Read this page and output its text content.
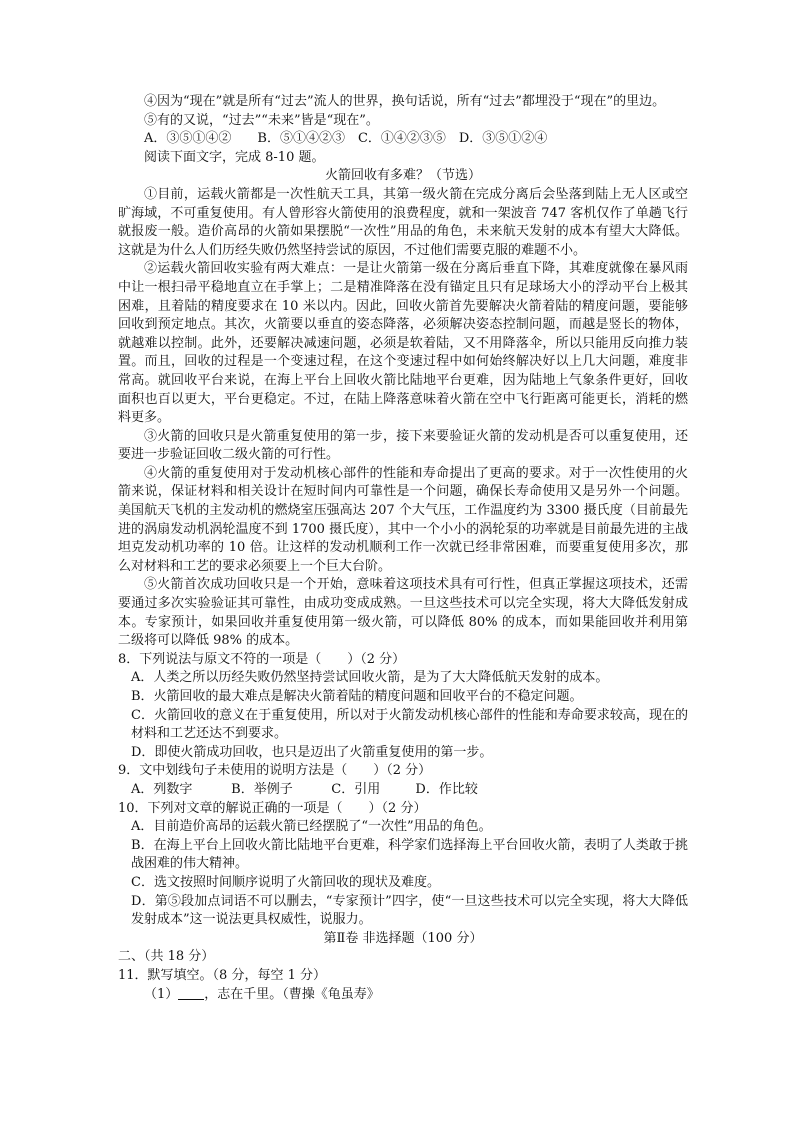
④因为“现在”就是所有“过去”流人的世界，换句话说，所有“过去”都埋没于“现在”的里边。

⑤有的又说，“过去”“未来”皆是“现在”。

A．③⑤①④②　　B．⑤①④②③　C．①④②③⑤　D．③⑤①②④

阅读下面文字，完成 8-10 题。

火箭回收有多难？（节选）

①目前，运载火箭都是一次性航天工具，其第一级火箭在完成分离后会坠落到陆上无人区或空旷海域，不可重复使用。有人曾形容火箭使用的浪费程度，就和一架波音 747 客机仅作了单趟飞行就报废一般。造价高昂的火箭如果摆脱“一次性”用品的角色，未来航天发射的成本有望大大降低。这就是为什么人们历经失败仍然坚持尝试的原因，不过他们需要克服的难题不小。

②运载火箭回收实验有两大难点：一是让火箭第一级在分离后垂直下降，其难度就像在暴风雨中让一根扫帚平稳地直立在手掌上；二是精准降落在没有锚定且只有足球场大小的浮动平台上极其困难，且着陆的精度要求在 10 米以内。因此，回收火箭首先要解决火箭着陆的精度问题，要能够回收到预定地点。其次，火箭要以垂直的姿态降落，必须解决姿态控制问题，而越是竖长的物体，就越难以控制。此外，还要解决减速问题，必须是软着陆，又不用降落伞，所以只能用反向推力装置。而且，回收的过程是一个变速过程，在这个变速过程中如何始终解决好以上几大问题，难度非常高。就回收平台来说，在海上平台上回收火箭比陆地平台更难，因为陆地上气象条件更好，回收面积也百以更大，平台更稳定。不过，在陆上降落意味着火箭在空中飞行距离可能更长，消耗的燃料更多。

③火箭的回收只是火箭重复使用的第一步，接下来要验证火箭的发动机是否可以重复使用，还要进一步验证回收二级火箭的可行性。

④火箭的重复使用对于发动机核心部件的性能和寿命提出了更高的要求。对于一次性使用的火箭来说，保证材料和相关设计在短时间内可靠性是一个问题，确保长寿命使用又是另外一个问题。美国航天飞机的主发动机的燃烧室压强高达 207 个大气压，工作温度约为 3300 摄氏度（目前最先进的涡扇发动机涡轮温度不到 1700 摄氏度），其中一个小小的涡轮泵的功率就是目前最先进的主战坦克发动机功率的 10 倍。让这样的发动机顺利工作一次就已经非常困难，而要重复使用多次，那么对材料和工艺的要求必须要上一个巨大台阶。

⑤火箭首次成功回收只是一个开始，意味着这项技术具有可行性，但真正掌握这项技术，还需要通过多次实验验证其可靠性，由成功变成成熟。一旦这些技术可以完全实现，将大大降低发射成本。专家预计，如果回收并重复使用第一级火箭，可以降低 80% 的成本，而如果能回收并利用第二级将可以降低 98% 的成本。

8．下列说法与原文不符的一项是（　　）（2 分）

A．人类之所以历经失败仍然坚持尝试回收火箭，是为了大大降低航天发射的成本。

B．火箭回收的最大难点是解决火箭着陆的精度问题和回收平台的不稳定问题。

C．火箭回收的意义在于重复使用，所以对于火箭发动机核心部件的性能和寿命要求较高，现在的材料和工艺还达不到要求。

D．即使火箭成功回收，也只是迈出了火箭重复使用的第一步。

9．文中划线句子未使用的说明方法是（　　）（2 分）

A．列数字	B．举例子	C．引用	D．作比较

10．下列对文章的解说正确的一项是（　　）（2 分）

A．目前造价高昂的运载火箭已经摆脱了“一次性”用品的角色。

B．在海上平台上回收火箭比陆地平台更难，科学家们选择海上平台回收火箭，表明了人类敢于挑战困难的伟大精神。

C．选文按照时间顺序说明了火箭回收的现状及难度。

D．第⑤段加点词语不可以删去，“专家预计”四字，使“一旦这些技术可以完全实现，将大大降低发射成本”这一说法更具权威性，说服力。

第Ⅱ卷 非选择题（100 分）

二、（共 18 分）

11．默写填空。（8 分，每空 1 分）

（1） ，志在千里。（曹操《龟虽寿》
